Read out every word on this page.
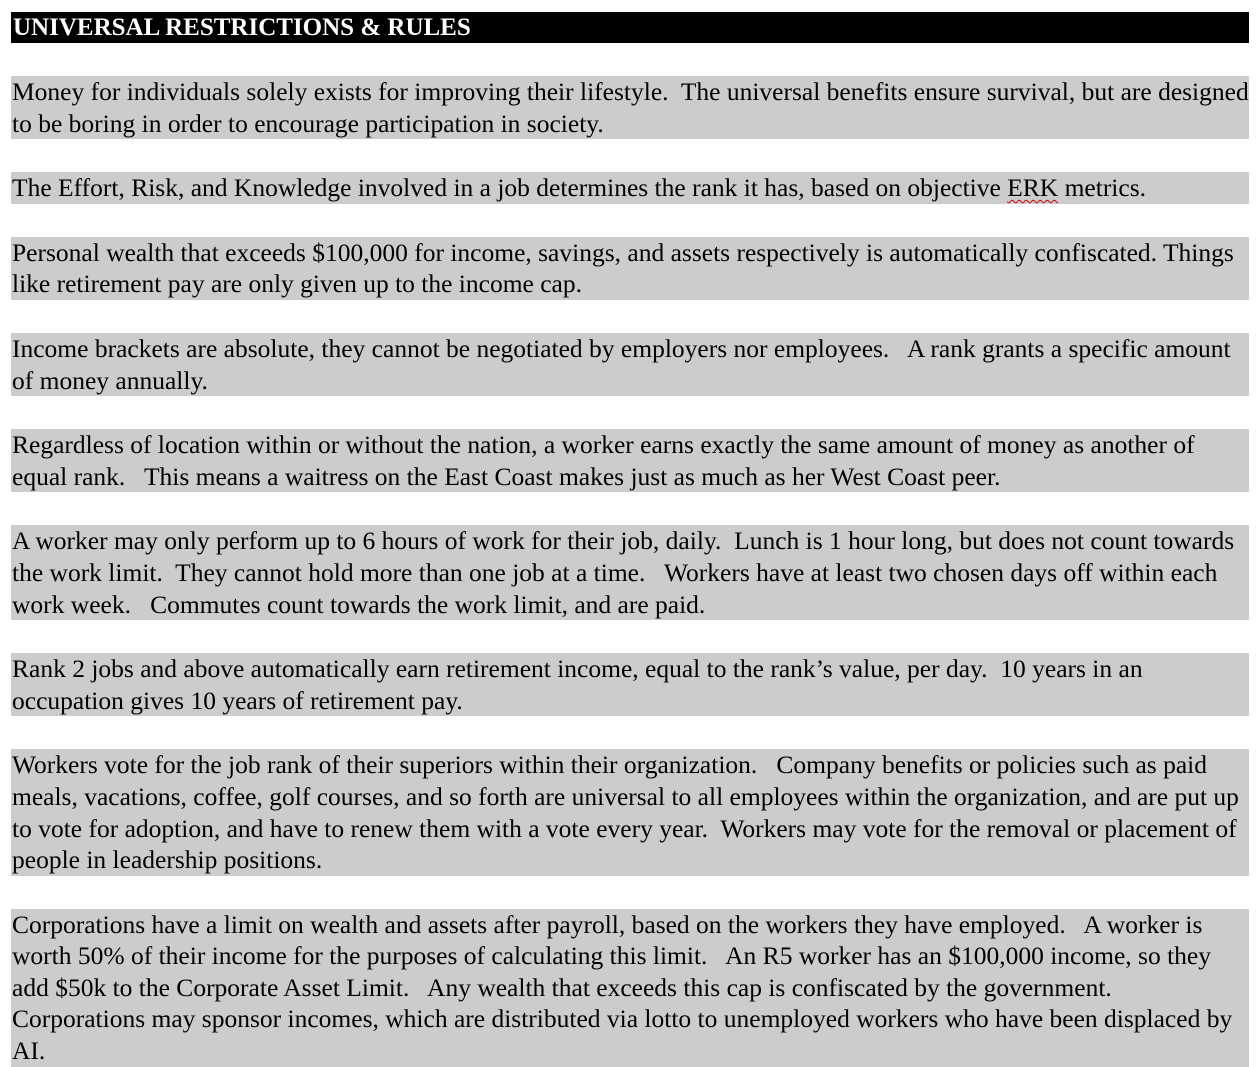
UNIVERSAL RESTRICTIONS & RULES
Money for individuals solely exists for improving their lifestyle.  The universal benefits ensure survival, but are designed to be boring in order to encourage participation in society.
The Effort, Risk, and Knowledge involved in a job determines the rank it has, based on objective ERK metrics.
Personal wealth that exceeds $100,000 for income, savings, and assets respectively is automatically confiscated. Things like retirement pay are only given up to the income cap.
Income brackets are absolute, they cannot be negotiated by employers nor employees.   A rank grants a specific amount of money annually.
Regardless of location within or without the nation, a worker earns exactly the same amount of money as another of equal rank.   This means a waitress on the East Coast makes just as much as her West Coast peer.
A worker may only perform up to 6 hours of work for their job, daily.  Lunch is 1 hour long, but does not count towards the work limit.  They cannot hold more than one job at a time.   Workers have at least two chosen days off within each work week.   Commutes count towards the work limit, and are paid.
Rank 2 jobs and above automatically earn retirement income, equal to the rank’s value, per day.  10 years in an occupation gives 10 years of retirement pay.
Workers vote for the job rank of their superiors within their organization.   Company benefits or policies such as paid meals, vacations, coffee, golf courses, and so forth are universal to all employees within the organization, and are put up to vote for adoption, and have to renew them with a vote every year.  Workers may vote for the removal or placement of people in leadership positions.
Corporations have a limit on wealth and assets after payroll, based on the workers they have employed.   A worker is worth 50% of their income for the purposes of calculating this limit.   An R5 worker has an $100,000 income, so they add $50k to the Corporate Asset Limit.   Any wealth that exceeds this cap is confiscated by the government.   Corporations may sponsor incomes, which are distributed via lotto to unemployed workers who have been displaced by AI.
